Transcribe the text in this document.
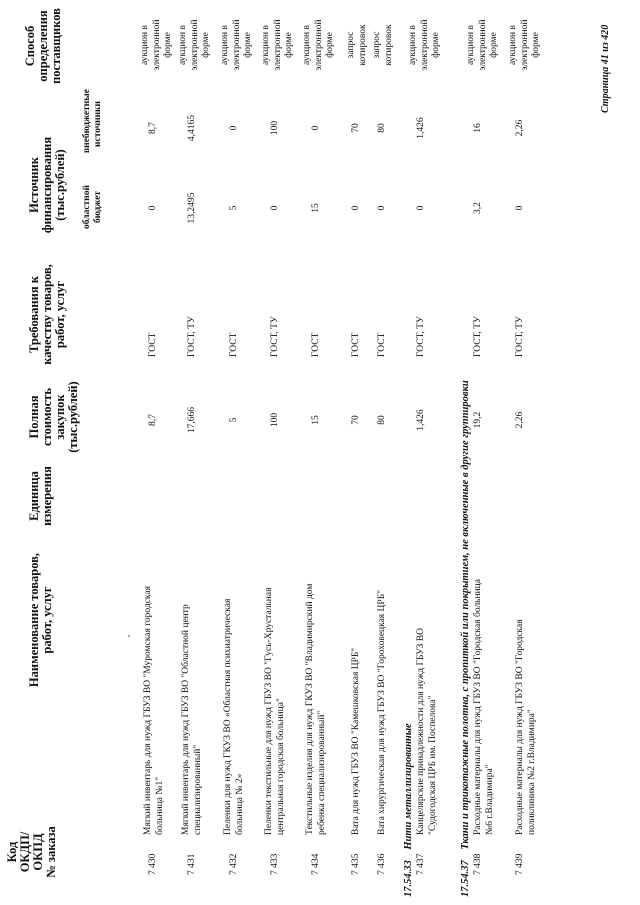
Код ОКДП/ ОКПД № заказа
Наименование товаров, работ, услуг
Единица измерения
Полная стоимость закупок (тыс.рублей)
Требования к качеству товаров, работ, услуг
Источник финансирования (тыс.рублей) областной бюджет
внебюджетные источники
Способ определения поставщиков
7 430
Мягкий инвентарь для нужд ГБУЗ ВО "Муромская городская больница №1"
8,7
ГОСТ
0
8,7
аукцион в электронной форме
7 431
Мягкий инвентарь для нужд ГБУЗ ВО "Областной центр специализированный"
17,666
ГОСТ, ТУ
13,2495
4,4165
аукцион в электронной форме
7 432
Пеленки для нужд ГКУЗ ВО «Областная психиатрическая больница № 2»
5
ГОСТ
5
0
аукцион в электронной форме
7 433
Пеленки текстильные для нужд ГБУЗ ВО "Гусь-Хрустальная центральная городская больница"
100
ГОСТ, ТУ
0
100
аукцион в электронной форме
7 434
Текстильные изделия для нужд ГКУЗ ВО "Владимирский дом ребенка специализированный"
15
ГОСТ
15
0
аукцион в электронной форме
7 435
Вата для нужд ГБУЗ ВО "Камешковская ЦРБ"
70
ГОСТ
0
70
запрос котировок
7 436
Вата хирургическая для нужд ГБУЗ ВО "Гороховецкая ЦРБ"
80
ГОСТ
0
80
запрос котировок
17.54.33 Нити металлизированные
7 437
Канцелярские принадлежности для нужд ГБУЗ ВО "Судогодская ЦРБ им. Поспелова"
1,426
ГОСТ, ТУ
0
1,426
аукцион в электронной форме
17.54.37 Ткани и трикотажные полотна, с пропиткой или покрытием, не включенные в другие группировки
7 438
Расходные материалы для нужд ГБУЗ ВО "Городская больница №6 г.Владимира"
19,2
ГОСТ, ТУ
3,2
16
аукцион в электронной форме
7 439
Расходные материалы для нужд ГБУЗ ВО "Городская поликлиника №2 г.Владимира"
2,26
ГОСТ, ТУ
0
2,26
аукцион в электронной форме	Страница 41 из 420
